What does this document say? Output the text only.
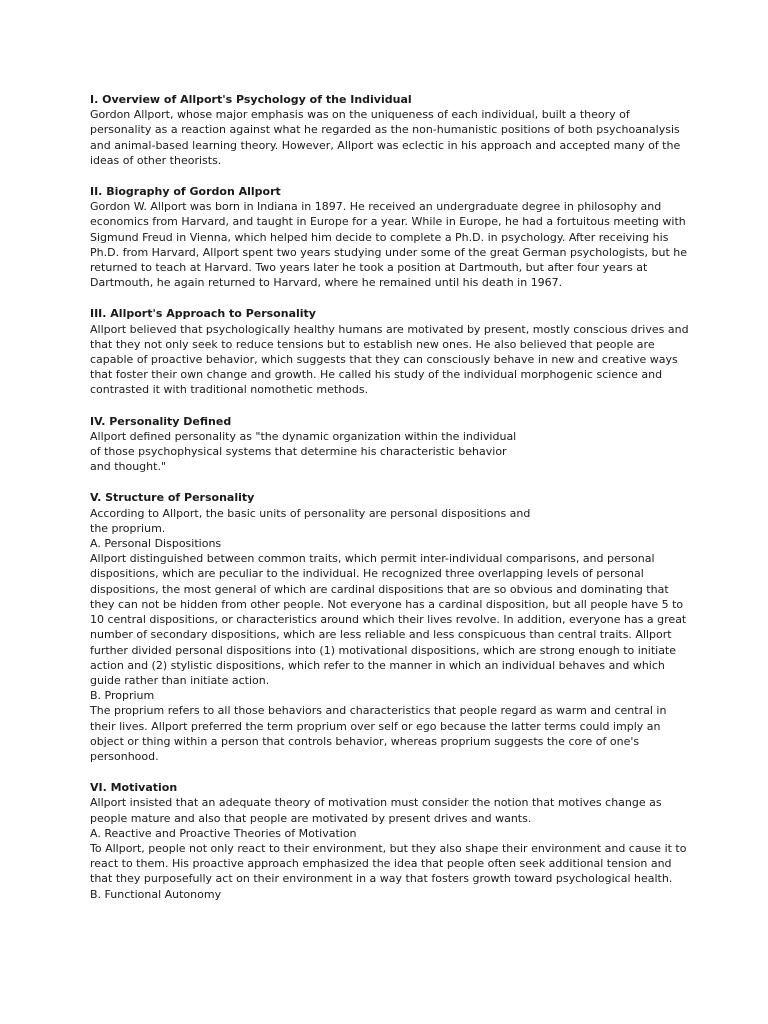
I. Overview of Allport's Psychology of the Individual

Gordon Allport, whose major emphasis was on the uniqueness of each individual, built a theory of

personality as a reaction against what he regarded as the non-humanistic positions of both psychoanalysis

and animal-based learning theory. However, Allport was eclectic in his approach and accepted many of the

ideas of other theorists.

II. Biography of Gordon Allport

Gordon W. Allport was born in Indiana in 1897. He received an undergraduate degree in philosophy and

economics from Harvard, and taught in Europe for a year. While in Europe, he had a fortuitous meeting with

Sigmund Freud in Vienna, which helped him decide to complete a Ph.D. in psychology. After receiving his

Ph.D. from Harvard, Allport spent two years studying under some of the great German psychologists, but he

returned to teach at Harvard. Two years later he took a position at Dartmouth, but after four years at

Dartmouth, he again returned to Harvard, where he remained until his death in 1967.

III. Allport's Approach to Personality

Allport believed that psychologically healthy humans are motivated by present, mostly conscious drives and

that they not only seek to reduce tensions but to establish new ones. He also believed that people are

capable of proactive behavior, which suggests that they can consciously behave in new and creative ways

that foster their own change and growth. He called his study of the individual morphogenic science and

contrasted it with traditional nomothetic methods.

IV. Personality Defined

Allport defined personality as "the dynamic organization within the individual

of those psychophysical systems that determine his characteristic behavior

and thought."

V. Structure of Personality

According to Allport, the basic units of personality are personal dispositions and

the proprium.

A. Personal Dispositions

Allport distinguished between common traits, which permit inter-individual comparisons, and personal

dispositions, which are peculiar to the individual. He recognized three overlapping levels of personal

dispositions, the most general of which are cardinal dispositions that are so obvious and dominating that

they can not be hidden from other people. Not everyone has a cardinal disposition, but all people have 5 to

10 central dispositions, or characteristics around which their lives revolve. In addition, everyone has a great

number of secondary dispositions, which are less reliable and less conspicuous than central traits. Allport

further divided personal dispositions into (1) motivational dispositions, which are strong enough to initiate

action and (2) stylistic dispositions, which refer to the manner in which an individual behaves and which

guide rather than initiate action.

B. Proprium

The proprium refers to all those behaviors and characteristics that people regard as warm and central in

their lives. Allport preferred the term proprium over self or ego because the latter terms could imply an

object or thing within a person that controls behavior, whereas proprium suggests the core of one's

personhood.

VI. Motivation

Allport insisted that an adequate theory of motivation must consider the notion that motives change as

people mature and also that people are motivated by present drives and wants.

A. Reactive and Proactive Theories of Motivation

To Allport, people not only react to their environment, but they also shape their environment and cause it to

react to them. His proactive approach emphasized the idea that people often seek additional tension and

that they purposefully act on their environment in a way that fosters growth toward psychological health.

B. Functional Autonomy
